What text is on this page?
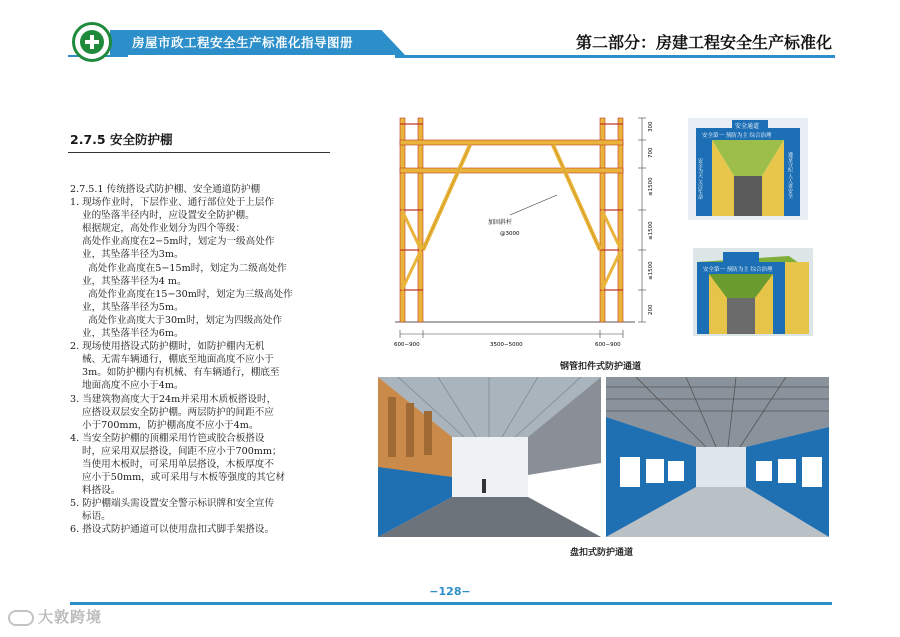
房屋市政工程安全生产标准化指导图册	第二部分：房建工程安全生产标准化
2.7.5 安全防护棚
2.7.5.1 传统搭设式防护棚、安全通道防护棚
1. 现场作业时，下层作业、通行部位处于上层作
业的坠落半径内时，应设置安全防护棚。
根据规定，高处作业划分为四个等级：
高处作业高度在2−5m时，划定为一级高处作
业，其坠落半径为3m。
高处作业高度在5−15m时，划定为二级高处作
业，其坠落半径为4 m。
高处作业高度在15−30m时，划定为三级高处作
业，其坠落半径为5m。
高处作业高度大于30m时，划定为四级高处作
业，其坠落半径为6m。
2. 现场使用搭设式防护棚时，如防护棚内无机
械、无需车辆通行，棚底至地面高度不应小于
3m。如防护棚内有机械、有车辆通行，棚底至
地面高度不应小于4m。
3. 当建筑物高度大于24m并采用木质板搭设时，
应搭设双层安全防护棚。两层防护的间距不应
小于700mm，防护棚高度不应小于4m。
4. 当安全防护棚的顶棚采用竹笆或胶合板搭设
时，应采用双层搭设，间距不应小于700mm；
当使用木板时，可采用单层搭设，木板厚度不
应小于50mm，或可采用与木板等强度的其它材
料搭设。
5. 防护棚端头需设置安全警示标识牌和安全宣传
标语。
6. 搭设式防护通道可以使用盘扣式脚手架搭设。
加固斜杆
@3000
300
700
≤1500
≤1500
≤1500
200
600−900	3500−5000	600−900
钢管扣件式防护通道
安全通道
安全第一 预防为主 综合治理
安全为天 关注生命	遵章守纪 人人讲安全
安全第一 预防为主 综合治理
盘扣式防护通道
−128−
大敦跨境
